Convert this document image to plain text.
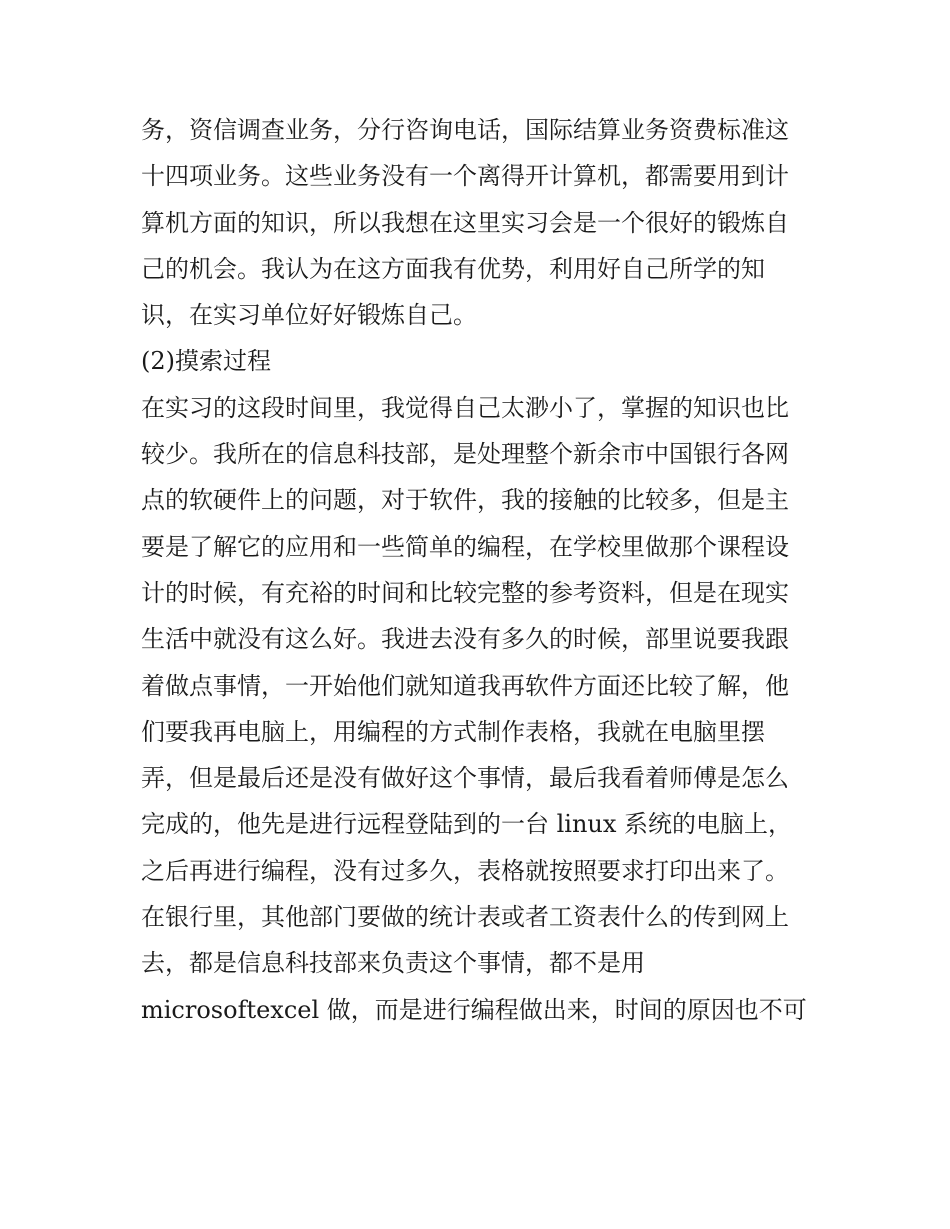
务，资信调查业务，分行咨询电话，国际结算业务资费标准这
十四项业务。这些业务没有一个离得开计算机，都需要用到计
算机方面的知识，所以我想在这里实习会是一个很好的锻炼自
己的机会。我认为在这方面我有优势，利用好自己所学的知
识，在实习单位好好锻炼自己。
(2)摸索过程
在实习的这段时间里，我觉得自己太渺小了，掌握的知识也比
较少。我所在的信息科技部，是处理整个新余市中国银行各网
点的软硬件上的问题，对于软件，我的接触的比较多，但是主
要是了解它的应用和一些简单的编程，在学校里做那个课程设
计的时候，有充裕的时间和比较完整的参考资料，但是在现实
生活中就没有这么好。我进去没有多久的时候，部里说要我跟
着做点事情，一开始他们就知道我再软件方面还比较了解，他
们要我再电脑上，用编程的方式制作表格，我就在电脑里摆
弄，但是最后还是没有做好这个事情，最后我看着师傅是怎么
完成的，他先是进行远程登陆到的一台 linux 系统的电脑上，
之后再进行编程，没有过多久，表格就按照要求打印出来了。
在银行里，其他部门要做的统计表或者工资表什么的传到网上
去，都是信息科技部来负责这个事情，都不是用
microsoftexcel 做，而是进行编程做出来，时间的原因也不可
